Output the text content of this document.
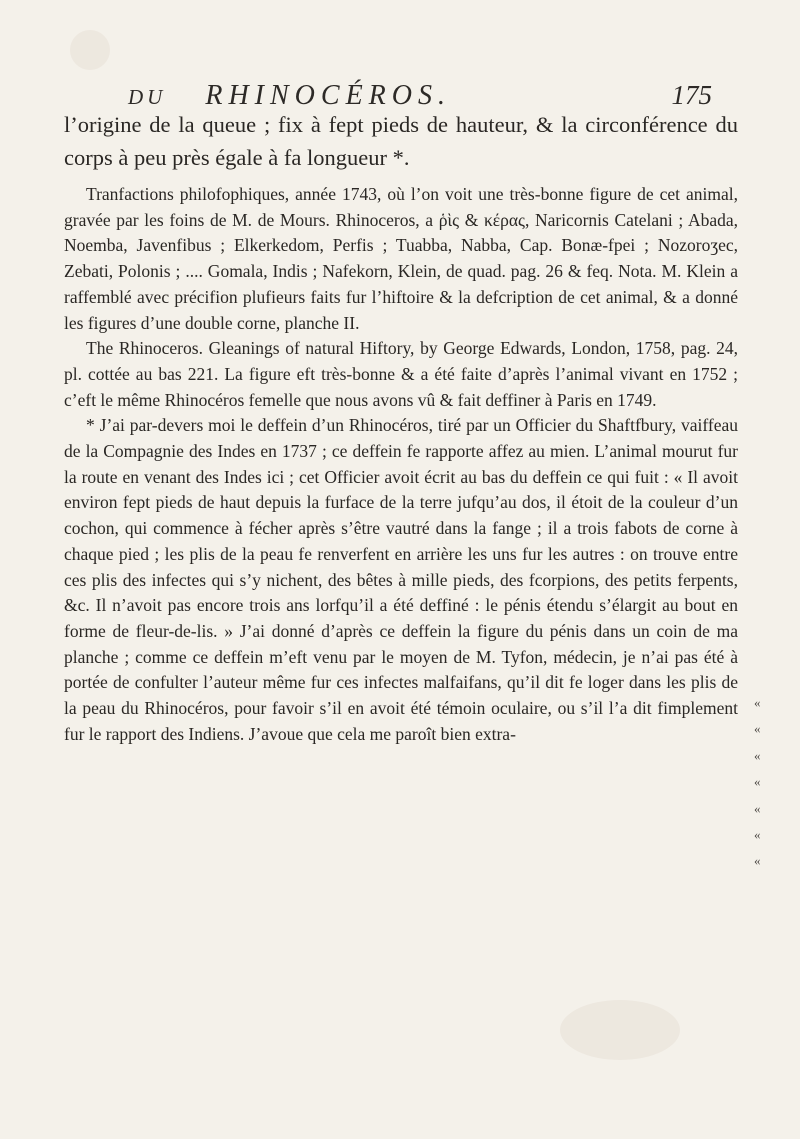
DU RHINOCÉROS.	175

l’origine de la queue ; fix à fept pieds de hauteur, & la circonférence du corps à peu près égale à fa longueur *.

Tranfactions philofophiques, année 1743, où l’on voit une très-bonne figure de cet animal, gravée par les foins de M. de Mours. Rhinoceros, a ῥὶς & κέρας, Naricornis Catelani ; Abada, Noemba, Javenfibus ; Elkerkedom, Perfis ; Tuabba, Nabba, Cap. Bonæ-fpei ; Nozoroʒec, Zebati, Polonis ; .... Gomala, Indis ; Nafekorn, Klein, de quad. pag. 26 & feq. Nota. M. Klein a raffemblé avec précifion plufieurs faits fur l’hiftoire & la defcription de cet animal, & a donné les figures d’une double corne, planche II.

The Rhinoceros. Gleanings of natural Hiftory, by George Edwards, London, 1758, pag. 24, pl. cottée au bas 221. La figure eft très-bonne & a été faite d’après l’animal vivant en 1752 ; c’eft le même Rhinocéros femelle que nous avons vû & fait deffiner à Paris en 1749.

* J’ai par-devers moi le deffein d’un Rhinocéros, tiré par un Officier du Shaftfbury, vaiffeau de la Compagnie des Indes en 1737 ; ce deffein fe rapporte affez au mien. L’animal mourut fur la route en venant des Indes ici ; cet Officier avoit écrit au bas du deffein ce qui fuit : « Il avoit environ fept pieds de haut depuis la furface de la terre jufqu’au dos, il étoit de la couleur d’un cochon, qui commence à fécher après s’être vautré dans la fange ; il a trois fabots de corne à chaque pied ; les plis de la peau fe renverfent en arrière les uns fur les autres : on trouve entre ces plis des infectes qui s’y nichent, des bêtes à mille pieds, des fcorpions, des petits ferpents, &c. Il n’avoit pas encore trois ans lorfqu’il a été deffiné : le pénis étendu s’élargit au bout en forme de fleur-de-lis. » J’ai donné d’après ce deffein la figure du pénis dans un coin de ma planche ; comme ce deffein m’eft venu par le moyen de M. Tyfon, médecin, je n’ai pas été à portée de confulter l’auteur même fur ces infectes malfaifans, qu’il dit fe loger dans les plis de la peau du Rhinocéros, pour favoir s’il en avoit été témoin oculaire, ou s’il l’a dit fimplement fur le rapport des Indiens. J’avoue que cela me paroît bien extra-

«
«
«
«
«
«
«
